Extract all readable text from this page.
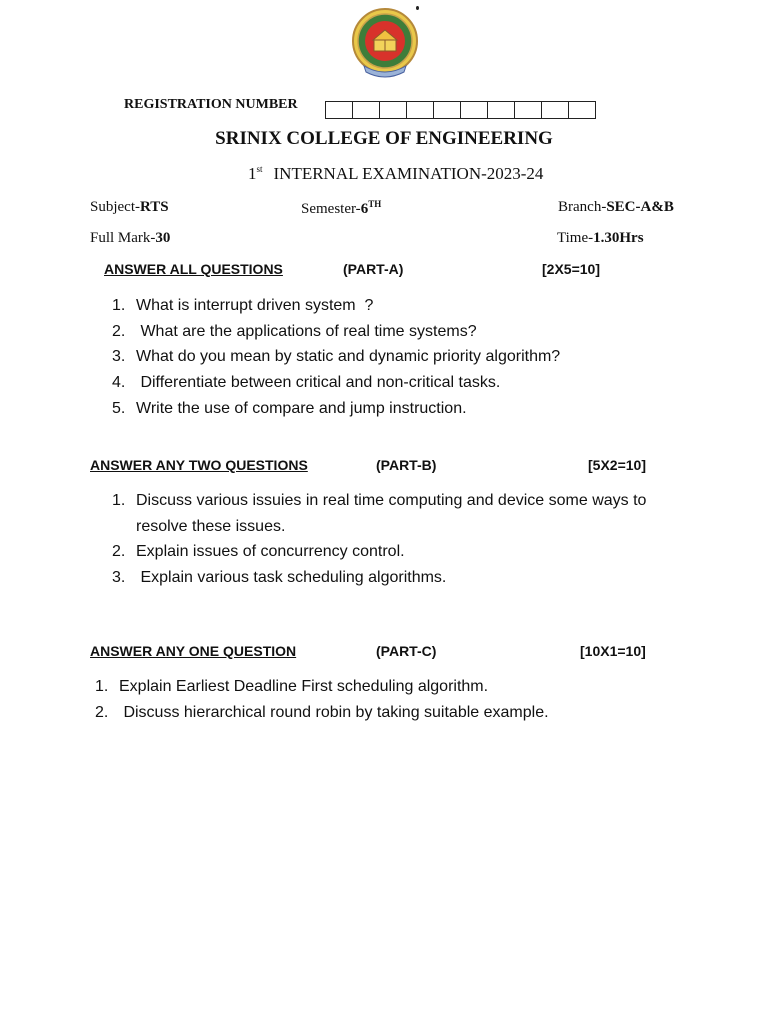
REGISTRATION NUMBER
SRINIX COLLEGE OF ENGINEERING
1st INTERNAL EXAMINATION-2023-24
Subject-RTS	Semester-6TH	Branch-SEC-A&B
Full Mark-30	Time-1.30Hrs
ANSWER ALL QUESTIONS	(PART-A)	[2X5=10]
1. What is interrupt driven system  ?
2. What are the applications of real time systems?
3. What do you mean by static and dynamic priority algorithm?
4. Differentiate between critical and non-critical tasks.
5. Write the use of compare and jump instruction.
ANSWER ANY TWO QUESTIONS	(PART-B)	[5X2=10]
1. Discuss various issuies in real time computing and device some ways to
resolve these issues.
2. Explain issues of concurrency control.
3. Explain various task scheduling algorithms.
ANSWER ANY ONE QUESTION	(PART-C)	[10X1=10]
1. Explain Earliest Deadline First scheduling algorithm.
2. Discuss hierarchical round robin by taking suitable example.
